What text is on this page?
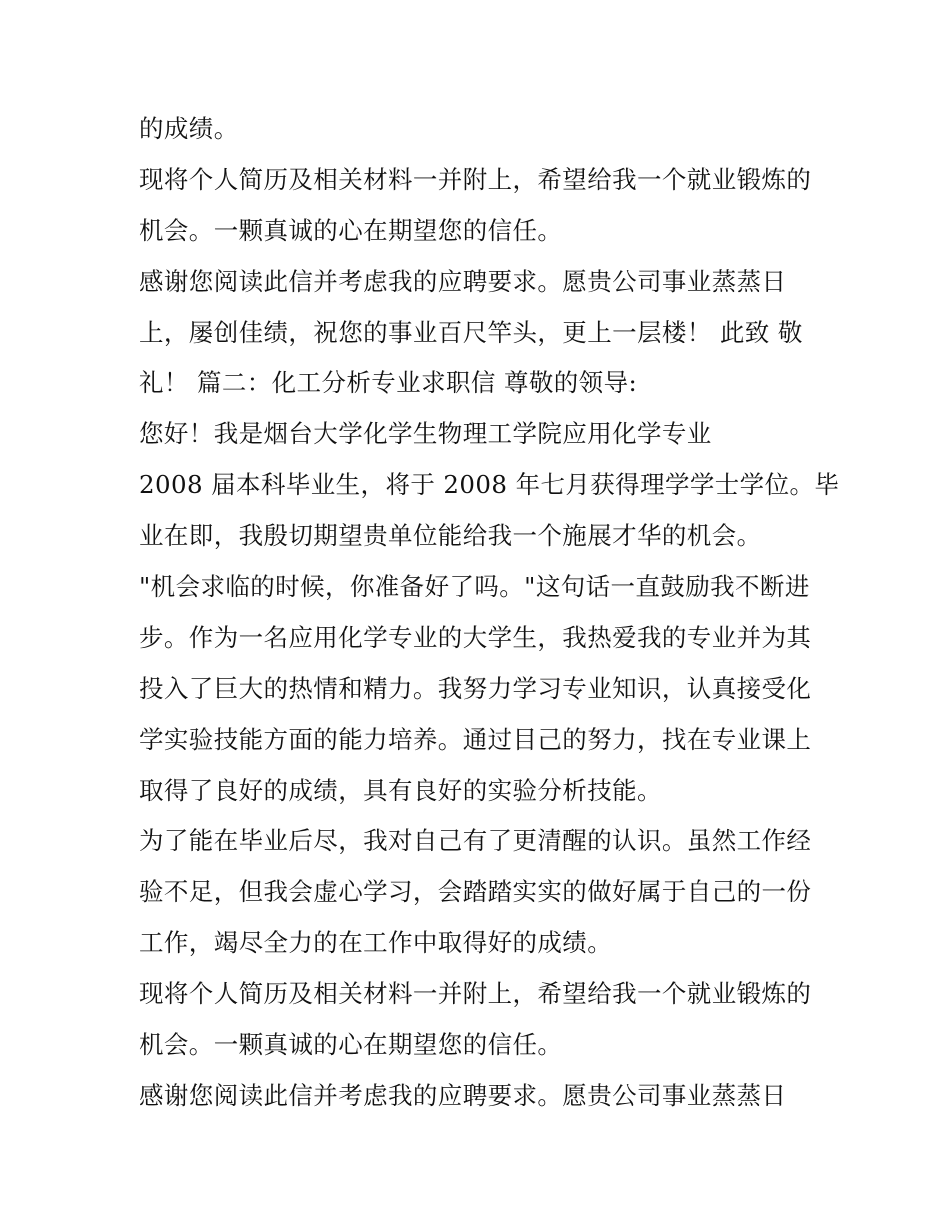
的成绩。
现将个人简历及相关材料一并附上，希望给我一个就业锻炼的
机会。一颗真诚的心在期望您的信任。
感谢您阅读此信并考虑我的应聘要求。愿贵公司事业蒸蒸日
上，屡创佳绩，祝您的事业百尺竿头，更上一层楼！ 此致 敬
礼！ 篇二：化工分析专业求职信 尊敬的领导:
您好！我是烟台大学化学生物理工学院应用化学专业
2008 届本科毕业生，将于 2008 年七月获得理学学士学位。毕
业在即，我殷切期望贵单位能给我一个施展才华的机会。
"机会求临的时候，你准备好了吗。"这句话一直鼓励我不断进
步。作为一名应用化学专业的大学生，我热爱我的专业并为其
投入了巨大的热情和精力。我努力学习专业知识，认真接受化
学实验技能方面的能力培养。通过目己的努力，找在专业课上
取得了良好的成绩，具有良好的实验分析技能。
为了能在毕业后尽，我对自己有了更清醒的认识。虽然工作经
验不足，但我会虚心学习，会踏踏实实的做好属于自己的一份
工作，竭尽全力的在工作中取得好的成绩。
现将个人简历及相关材料一并附上，希望给我一个就业锻炼的
机会。一颗真诚的心在期望您的信任。
感谢您阅读此信并考虑我的应聘要求。愿贵公司事业蒸蒸日
